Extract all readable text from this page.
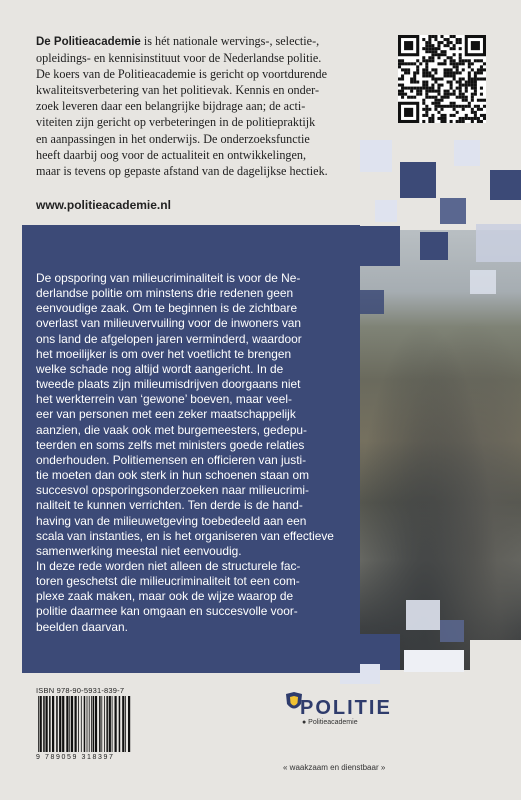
De Politieacademie is hét nationale wervings-, selectie-,
opleidings- en kennisinstituut voor de Nederlandse politie.
De koers van de Politieacademie is gericht op voortdurende
kwaliteitsverbetering van het politievak. Kennis en onder-
zoek leveren daar een belangrijke bijdrage aan; de acti-
viteiten zijn gericht op verbeteringen in de politiepraktijk
en aanpassingen in het onderwijs. De onderzoeksfunctie
heeft daarbij oog voor de actualiteit en ontwikkelingen,
maar is tevens op gepaste afstand van de dagelijkse hectiek.
www.politieacademie.nl
De opsporing van milieucriminaliteit is voor de Ne-
derlandse politie om minstens drie redenen geen
eenvoudige zaak. Om te beginnen is de zichtbare
overlast van milieuvervuiling voor de inwoners van
ons land de afgelopen jaren verminderd, waardoor
het moeilijker is om over het voetlicht te brengen
welke schade nog altijd wordt aangericht. In de
tweede plaats zijn milieumisdrijven doorgaans niet
het werkterrein van ‘gewone’ boeven, maar veel-
eer van personen met een zeker maatschappelijk
aanzien, die vaak ook met burgemeesters, gedepu-
teerden en soms zelfs met ministers goede relaties
onderhouden. Politiemensen en officieren van justi-
tie moeten dan ook sterk in hun schoenen staan om
succesvol opsporingsonderzoeken naar milieucrimi-
naliteit te kunnen verrichten. Ten derde is de hand-
having van de milieuwetgeving toebedeeld aan een
scala van instanties, en is het organiseren van effectieve
samenwerking meestal niet eenvoudig.
In deze rede worden niet alleen de structurele fac-
toren geschetst die milieucriminaliteit tot een com-
plexe zaak maken, maar ook de wijze waarop de
politie daarmee kan omgaan en succesvolle voor-
beelden daarvan.

ISBN 978-90-5931-839-7
9 789059 318397
POLITIE
● Politieacademie
« waakzaam en dienstbaar »
